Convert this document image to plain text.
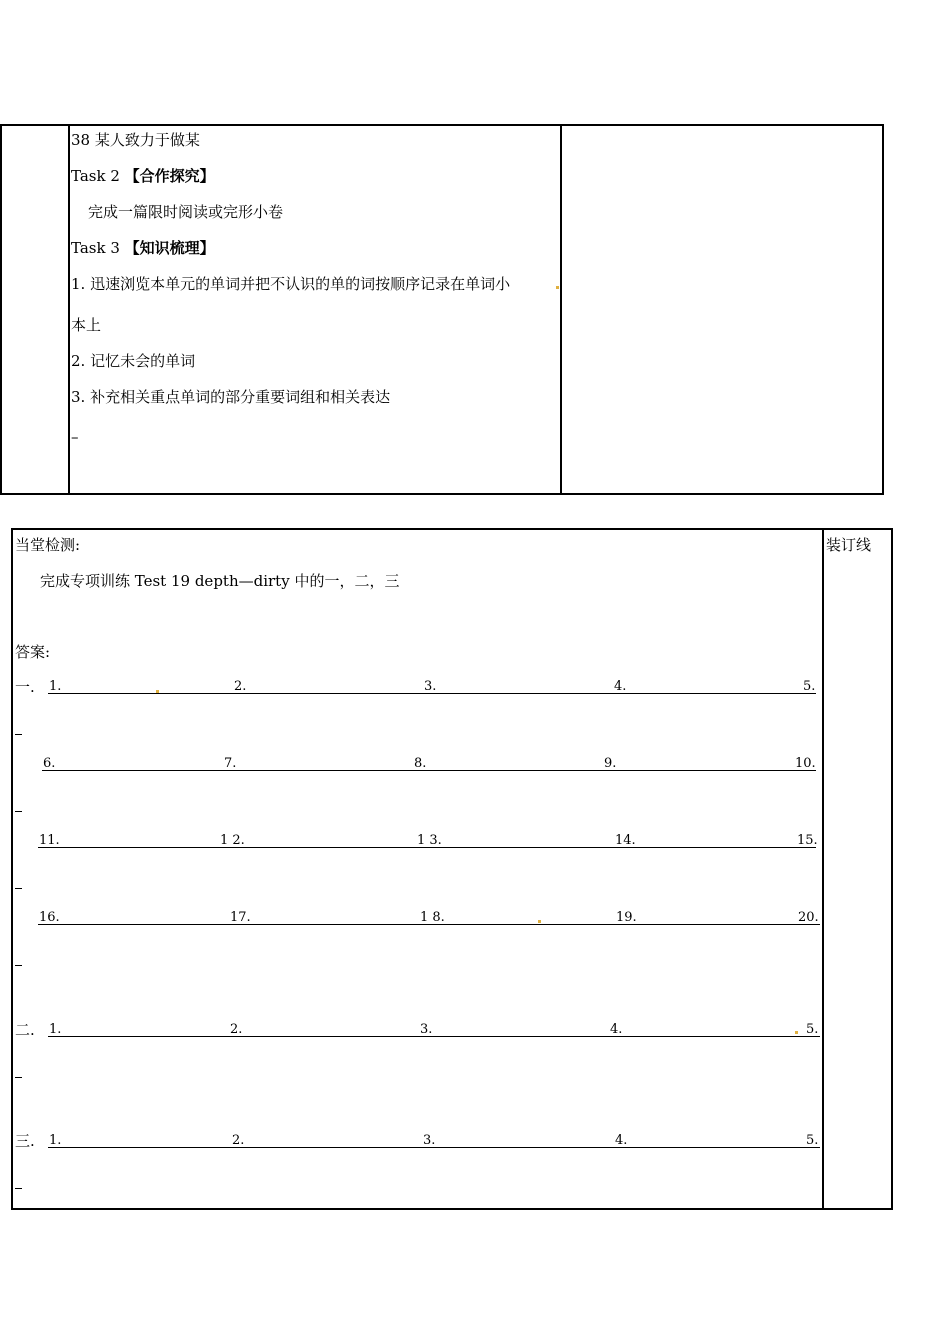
38 某人致力于做某
Task 2 【合作探究】
完成一篇限时阅读或完形小卷
Task 3 【知识梳理】
1. 迅速浏览本单元的单词并把不认识的单的词按顺序记录在单词小
本上
2. 记忆未会的单词
3. 补充相关重点单词的部分重要词组和相关表达
–
装订线
当堂检测:
完成专项训练 Test 19 depth—dirty 中的一，二，三
答案:
一. 1.	2.	3.	4.	5.
6.	7.	8.	9.	10.
11.	1 2.	1 3.	14.	15.
16.	17.	1 8.	19.	20.
二. 1.	2.	3.	4.	5.
三. 1.	2.	3.	4.	5.
